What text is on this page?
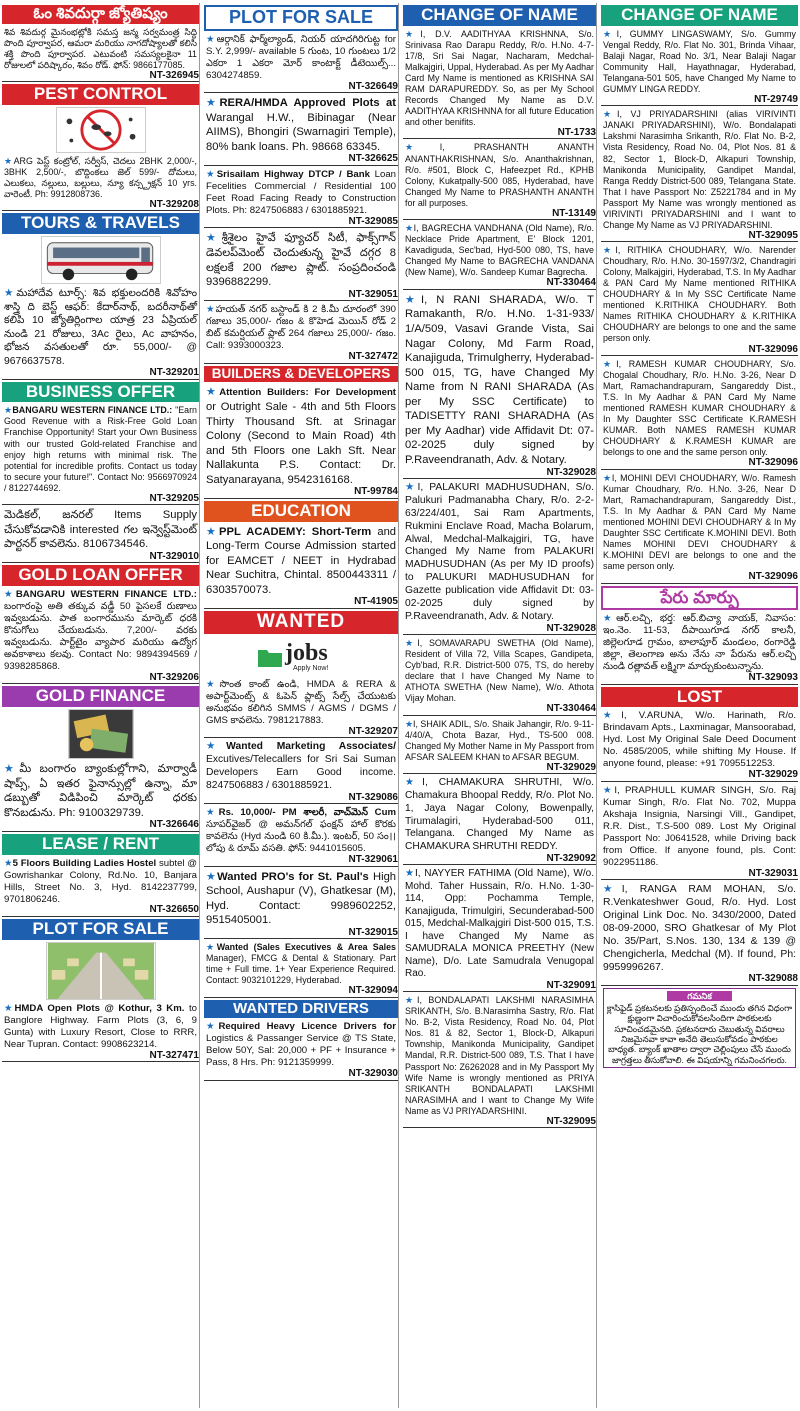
ఓం శివదుర్గా జ్యోతిష్యం
శివ శివదుర్గ మైనంభట్లోకి సమస్త జన్మ సర్వమంత్ర సిద్ధి పొంది పూర్వాపర, ఆమరా మరియు నాగదోష్యాలతో కలిసి శక్తి పొంది పూర్వాపర. ఎటువంటి సమస్యలకైనా 11 రోజులలో పరిష్కారం, శివం రోడ్. ఫోన్: 9866177085.
NT-326945
PEST CONTROL
★ARG పెస్ట్ కంట్రోల్, సర్వీస్, చెదలు 2BHK 2,000/-, 3BHK 2,500/-, బొద్దింకలు జెల్ 599/- దోమలు, ఎలుకలు, నల్లులు, బల్లులు, న్యూ కన్స్ట్రక్షన్ 10 yrs. వారెంటీ. Ph: 9912808736.
NT-329208
TOURS & TRAVELS
★మహాదేవ టూర్స్: శివ భక్తులందరికి శివోహం శాస్త్రి ది బెస్ట్ ఆఫర్: కేదార్‌నాథ్, బదరీనాథ్‌తో కలిపి 10 జ్యోతిర్లింగాల యాత్ర 23 ఏప్రియల్ నుండి 21 రోజులు, 3Ac రైలు, Ac వాహనం, భోజన వసతులతో రూ. 55,000/- @ 9676637578.
NT-329201
BUSINESS OFFER
★BANGARU WESTERN FINANCE LTD.: "Earn Good Revenue with a Risk-Free Gold Loan Franchise Opportunity! Start your Own Business with our trusted Gold-related Franchise and enjoy high returns with minimal risk. The potential for incredible profits. Contact us today to secure your future!". Contact No: 9566970924 / 8122744692.
NT-329205
మెడికల్, జనరల్ Items Supply చేసుకోవడానికి interested గల ఇన్వెస్ట్‌మెంట్ పార్టనర్ కావలెను. 8106734546.
NT-329010
GOLD LOAN OFFER
★BANGARU WESTERN FINANCE LTD.: బంగారంపై అతి తక్కువ వడ్డీ 50 పైసలకే రుణాలు ఇవ్వబడును. పాత బంగారమును మార్కెట్ ధరకి కొనుగోలు చేయబడును. 7,200/- వరకు ఇవ్వబడును. పార్ట్‌టైం వ్యాపార మరియు ఉద్యోగ అవకాశాలు కలవు. Contact No: 9894394569 / 9398285868.
NT-329206
GOLD FINANCE
★మీ బంగారం బ్యాంకుల్లోగాని, మార్వాడీ షాప్స్, ఏ ఇతర ఫైనాన్సుల్లో ఉన్నా, మా డబ్బుతో విడిపించి మార్కెట్ ధరకు కొనబడును. Ph: 9100329739.
NT-326646
LEASE / RENT
★5 Floors Building Ladies Hostel subtel @ Gowrishankar Colony, Rd.No. 10, Banjara Hills, Street No. 3, Hyd. 8142237799, 9701806246.
NT-326650
PLOT FOR SALE
★HMDA Open Plots @ Kothur, 3 Km. to Banglore Highway. Farm Plots (3, 6, 9 Gunta) with Luxury Resort, Close to RRR, Near Tupran. Contact: 9908623214.
NT-327471
PLOT FOR SALE
★ఆర్గానిక్ ఫార్మ్‌ల్యాండ్, నియర్ యాదగిరిగుట్ట for S.Y. 2,999/- available 5 గుంట, 10 గుంటలు 1/2 ఎకరా 1 ఎకరా మోర్ కాంటాక్ట్ డీటెయిల్స్... 6304274859.
NT-326649
★RERA/HMDA Approved Plots at Warangal H.W., Bibinagar (Near AIIMS), Bhongiri (Swarnagiri Temple), 80% bank loans. Ph. 98668 63345.
NT-326625
★Srisailam Highway DTCP / Bank Loan Fecelities Commercial / Residential 100 Feet Road Facing Ready to Construction Plots. Ph: 8247506883 / 6301885921.
NT-329085
★శ్రీశైలం హైవే ఫ్యూచర్ సిటీ, ఫాక్స్‌గాన్ డెవలప్‌మెంట్ చెందుతున్న హైవే దగ్గర 8 లక్షలకే 200 గజాల ప్లాట్. సంప్రదించండి 9396882299.
NT-329051
★హయత్ నగర్ బస్టాండ్ కి 2 కి.మీ దూరంలో 390 గజాలు 35,000/- గజం & కొహెడ మెయిన్ రోడ్ 2 బిట్ కమర్షియల్ ప్లాట్ 264 గజాలు 25,000/- గజం. Call: 9393000323.
NT-327472
BUILDERS & DEVELOPERS
★Attention Builders: For Development or Outright Sale - 4th and 5th Floors Thirty Thousand Sft. at Srinagar Colony (Second to Main Road) 4th and 5th Floors one Lakh Sft. Near Nallakunta P.S. Contact: Dr. Satyanarayana, 9542316168.
NT-99784
EDUCATION
★PPL ACADEMY: Short-Term and Long-Term Course Admission started for EAMCET / NEET in Hydrabad Near Suchitra, Chintal. 8500443311 / 6303570073.
NT-41905
WANTED
jobs
Apply Now!
★సొంత కాంట్ ఉండి, HMDA & RERA & అపార్ట్‌మెంట్స్ & ఓపెన్ ప్లాట్స్ సేల్స్ చేయుటకు అనుభవం కలిగిన SMMS / AGMS / DGMS / GMS కావలెను. 7981217883.
NT-329207
★Wanted Marketing Associates/ Excutives/Telecallers for Sri Sai Suman Developers Earn Good income. 8247506883 / 6301885921.
NT-329086
★Rs. 10,000/- PM శాలరీ, వాచ్‌మెన్ Cum సూపర్‌వైజర్ @ అమన్‌గల్ ఫంక్షన్ హాల్ కొరకు కావలెను (Hyd నుండి 60 కి.మీ.). ఇంటర్, 50 సం।।లోపు & రూమ్ వసతి. ఫోన్: 9441015605.
NT-329061
★Wanted PRO's for St. Paul's High School, Aushapur (V), Ghatkesar (M), Hyd. Contact: 9989602252, 9515405001.
NT-329015
★Wanted (Sales Executives & Area Sales Manager), FMCG & Dental & Stationary. Part time + Full time. 1+ Year Experience Required. Contact: 9032101229, Hyderabad.
NT-329094
WANTED DRIVERS
★Required Heavy Licence Drivers for Logistics & Passanger Service @ TS State, Below 50Y, Sal: 20,000 + PF + Insurance + Pass, 8 Hrs. Ph: 9121359999.
NT-329030
CHANGE OF NAME
★I, D.V. AADITHYAA KRISHNNA, S/o. Srinivasa Rao Darapu Reddy, R/o. H.No. 4-7-17/8, Sri Sai Nagar, Nacharam, Medchal-Malkajgiri, Uppal, Hyderabad. As per My Aadhar Card My Name is mentioned as KRISHNA SAI RAM DARAPUREDDY. So, as per My School Records Changed My Name as D.V. AADITHYAA KRISHNNA for all future Education and other benifits.
NT-1733
★I, PRASHANTH ANANTH ANANTHAKRISHNAN, S/o. Ananthakrishnan, R/o. #501, Block C, Hafeezpet Rd., KPHB Colony, Kukatpally-500 085, Hyderabad, have Changed My Name to PRASHANTH ANANTH for all purposes.
NT-13149
★I, BAGRECHA VANDHANA (Old Name), R/o. Necklace Pride Apartment, E' Block 1201, Kavadiguda, Sec'bad, Hyd-500 080, TS, have Changed My Name to BAGRECHA VANDANA (New Name), W/o. Sandeep Kumar Bagrecha.
NT-330464
★I, N RANI SHARADA, W/o. T Ramakanth, R/o. H.No. 1-31-933/ 1/A/509, Vasavi Grande Vista, Sai Nagar Colony, Md Farm Road, Kanajiguda, Trimulgherry, Hyderabad-500 015, TG, have Changed My Name from N RANI SHARADA (As per My SSC Certificate) to TADISETTY RANI SHARADHA (As per My Aadhar) vide Affidavit Dt: 07-02-2025 duly signed by P.Raveendranath, Adv. & Notary.
NT-329028
★I, PALAKURI MADHUSUDHAN, S/o. Palukuri Padmanabha Chary, R/o. 2-2-63/224/401, Sai Ram Apartments, Rukmini Enclave Road, Macha Bolarum, Alwal, Medchal-Malkajgiri, TG, have Changed My Name from PALAKURI MADHUSUDHAN (As per My ID proofs) to PALUKURI MADHUSUDHAN for Gazette publication vide Affidavit Dt: 03-02-2025 duly signed by P.Raveendranath, Adv. & Notary.
NT-329028
★I, SOMAVARAPU SWETHA (Old Name), Resident of Villa 72, Villa Scapes, Gandipeta, Cyb'bad, R.R. District-500 075, TS, do hereby declare that I have Changed My Name to ATHOTA SWETHA (New Name), W/o. Athota Vijay Mohan.
NT-330464
★I, SHAIK ADIL, S/o. Shaik Jahangir, R/o. 9-11-4/40/A, Chota Bazar, Hyd., TS-500 008. Changed My Mother Name in My Passport from AFSAR SALEEM KHAN to AFSAR BEGUM.
NT-329029
★I, CHAMAKURA SHRUTHI, W/o. Chamakura Bhoopal Reddy, R/o. Plot No. 1, Jaya Nagar Colony, Bowenpally, Tirumalagiri, Hyderabad-500 011, Telangana. Changed My Name as CHAMAKURA SHRUTHI REDDY.
NT-329092
★I, NAYYER FATHIMA (Old Name), W/o. Mohd. Taher Hussain, R/o. H.No. 1-30-114, Opp: Pochamma Temple, Kanajiguda, Trimulgiri, Secunderabad-500 015, Medchal-Malkajgiri Dist-500 015, T.S. I have Changed My Name as SAMUDRALA MONICA PREETHY (New Name), D/o. Late Samudrala Venugopal Rao.
NT-329091
★I, BONDALAPATI LAKSHMI NARASIMHA SRIKANTH, S/o. B.Narasimha Sastry, R/o. Flat No. B-2, Vista Residency, Road No. 04, Plot Nos. 81 & 82, Sector 1, Block-D, Alkapuri Township, Manikonda Municipality, Gandipet Mandal, R.R. District-500 089, T.S. That I have Passport No: Z6262028 and in My Passport My Wife Name is wrongly mentioned as PRIYA SRIKANTH BONDALAPATI LAKSHMI NARASIMHA and I want to Change My Wife Name as VJ PRIYADARSHINI.
NT-329095
CHANGE OF NAME
★I, GUMMY LINGASWAMY, S/o. Gummy Vengal Reddy, R/o. Flat No. 301, Brinda Vihaar, Balaji Nagar, Road No. 3/1, Near Balaji Nagar Community Hall, Hayathnagar, Hyderabad, Telangana-501 505, have Changed My Name to GUMMY LINGA REDDY.
NT-29749
★I, VJ PRIYADARSHINI (alias VIRIVINTI JANAKI PRIYADARSHINI), W/o. Bondalapati Lakshmi Narasimha Srikanth, R/o. Flat No. B-2, Vista Residency, Road No. 04, Plot Nos. 81 & 82, Sector 1, Block-D, Alkapuri Township, Manikonda Municipality, Gandipet Mandal, Ranga Reddy District-500 089, Telangana State. That I have Passport No: Z5221784 and in My Passport My Name was wrongly mentioned as VIRIVINTI PRIYADARSHINI and I want to Change My Name as VJ PRIYADARSHINI.
NT-329095
★I, RITHIKA CHOUDHARY, W/o. Narender Choudhary, R/o. H.No. 30-1597/3/2, Chandragiri Colony, Malkajgiri, Hyderabad, T.S. In My Aadhar & PAN Card My Name mentioned RITHIKA CHOUDHARY & In My SSC Certificate Name mentioned K.RITHIKA CHOUDHARY. Both Names RITHIKA CHOUDHARY & K.RITHIKA CHOUDHARY are belongs to one and the same person only.
NT-329096
★I, RAMESH KUMAR CHOUDHARY, S/o. Chogalal Choudhary, R/o. H.No. 3-26, Near D Mart, Ramachandrapuram, Sangareddy Dist., T.S. In My Aadhar & PAN Card My Name mentioned RAMESH KUMAR CHOUDHARY & In My Daughter SSC Certificate K.RAMESH KUMAR. Both NAMES RAMESH KUMAR CHOUDHARY & K.RAMESH KUMAR are belongs to one and the same person only.
NT-329096
★I, MOHINI DEVI CHOUDHARY, W/o. Ramesh Kumar Choudhary, R/o. H.No. 3-26, Near D Mart, Ramachandrapuram, Sangareddy Dist., T.S. In My Aadhar & PAN Card My Name mentioned MOHINI DEVI CHOUDHARY & In My Daughter SSC Certificate K.MOHINI DEVI. Both Names MOHINI DEVI CHOUDHARY & K.MOHINI DEVI are belongs to one and the same person only.
NT-329096
పేరు మార్పు
★ఆర్.లచ్చి, భర్త: ఆర్.బిచ్యా నాయక్, నివాసం: ఇం.నెం. 11-53, దీపాయిగూడ నగర్ కాలనీ, జిల్లెలగూడ గ్రామం, బాలాపూర్ మండలం, రంగారెడ్డి జిల్లా, తెలంగాణ అను నేను నా పేరును ఆర్.లచ్చి నుండి రత్లావత్ లక్ష్మిగా మార్చుకుంటున్నాను.
NT-329093
LOST
★I, V.ARUNA, W/o. Harinath, R/o. Brindavam Apts., Laxminagar, Mansoorabad, Hyd. Lost My Original Sale Deed Document No. 4585/2005, while shifting My House. If anyone found, please: +91 7095512253.
NT-329029
★I, PRAPHULL KUMAR SINGH, S/o. Raj Kumar Singh, R/o. Flat No. 702, Muppa Akshaja Insignia, Narsingi Vill., Gandipet, R.R. Dist., T.S-500 089. Lost My Original Passport No: J0641528, while Driving back from Office. If anyone found, pls. Cont: 9022951186.
NT-329031
★I, RANGA RAM MOHAN, S/o. R.Venkateshwer Goud, R/o. Hyd. Lost Original Link Doc. No. 3430/2000, Dated 08-09-2000, SRO Ghatkesar of My Plot No. 35/Part, S.Nos. 130, 134 & 139 @ Chengicherla, Medchal (M). If found, Ph: 9959996267.
NT-329088
గమనిక
క్లాసిఫైడ్ ప్రకటనలకు ప్రతిస్పందించే ముందు తగిన విధంగా క్షుణ్ణంగా విచారించుకోవలసిందిగా పాఠకులకు సూచించడమైనది. ప్రకటనదారు చెబుతున్న వివరాలు నిజమైనవా కావా అనేది తెలుసుకోవడం పాఠకుల బాధ్యత. బ్యాంక్ ఖాతాల ద్వారా చెల్లింపులు చేసే ముందు జాగ్రత్తలు తీసుకోవాలి. ఈ విషయాన్ని గమనించగలరు.
